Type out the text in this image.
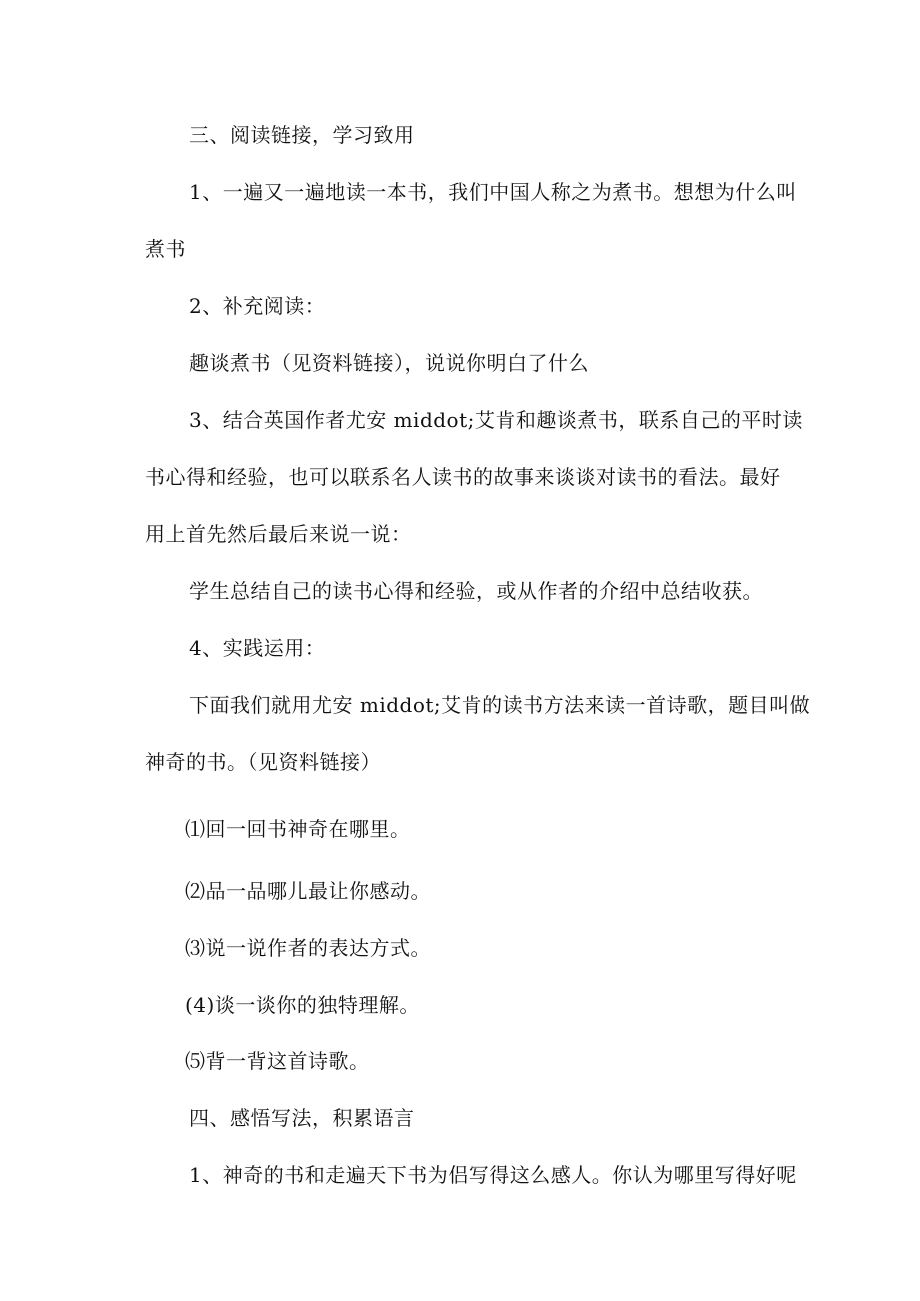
三、阅读链接，学习致用
1、一遍又一遍地读一本书，我们中国人称之为煮书。想想为什么叫
煮书
2、补充阅读：
趣谈煮书（见资料链接），说说你明白了什么
3、结合英国作者尤安 middot;艾肯和趣谈煮书，联系自己的平时读
书心得和经验，也可以联系名人读书的故事来谈谈对读书的看法。最好
用上首先然后最后来说一说：
学生总结自己的读书心得和经验，或从作者的介绍中总结收获。
4、实践运用：
下面我们就用尤安 middot;艾肯的读书方法来读一首诗歌，题目叫做
神奇的书。（见资料链接）
⑴回一回书神奇在哪里。
⑵品一品哪儿最让你感动。
⑶说一说作者的表达方式。
(4)谈一谈你的独特理解。
⑸背一背这首诗歌。
四、感悟写法，积累语言
1、神奇的书和走遍天下书为侣写得这么感人。你认为哪里写得好呢
